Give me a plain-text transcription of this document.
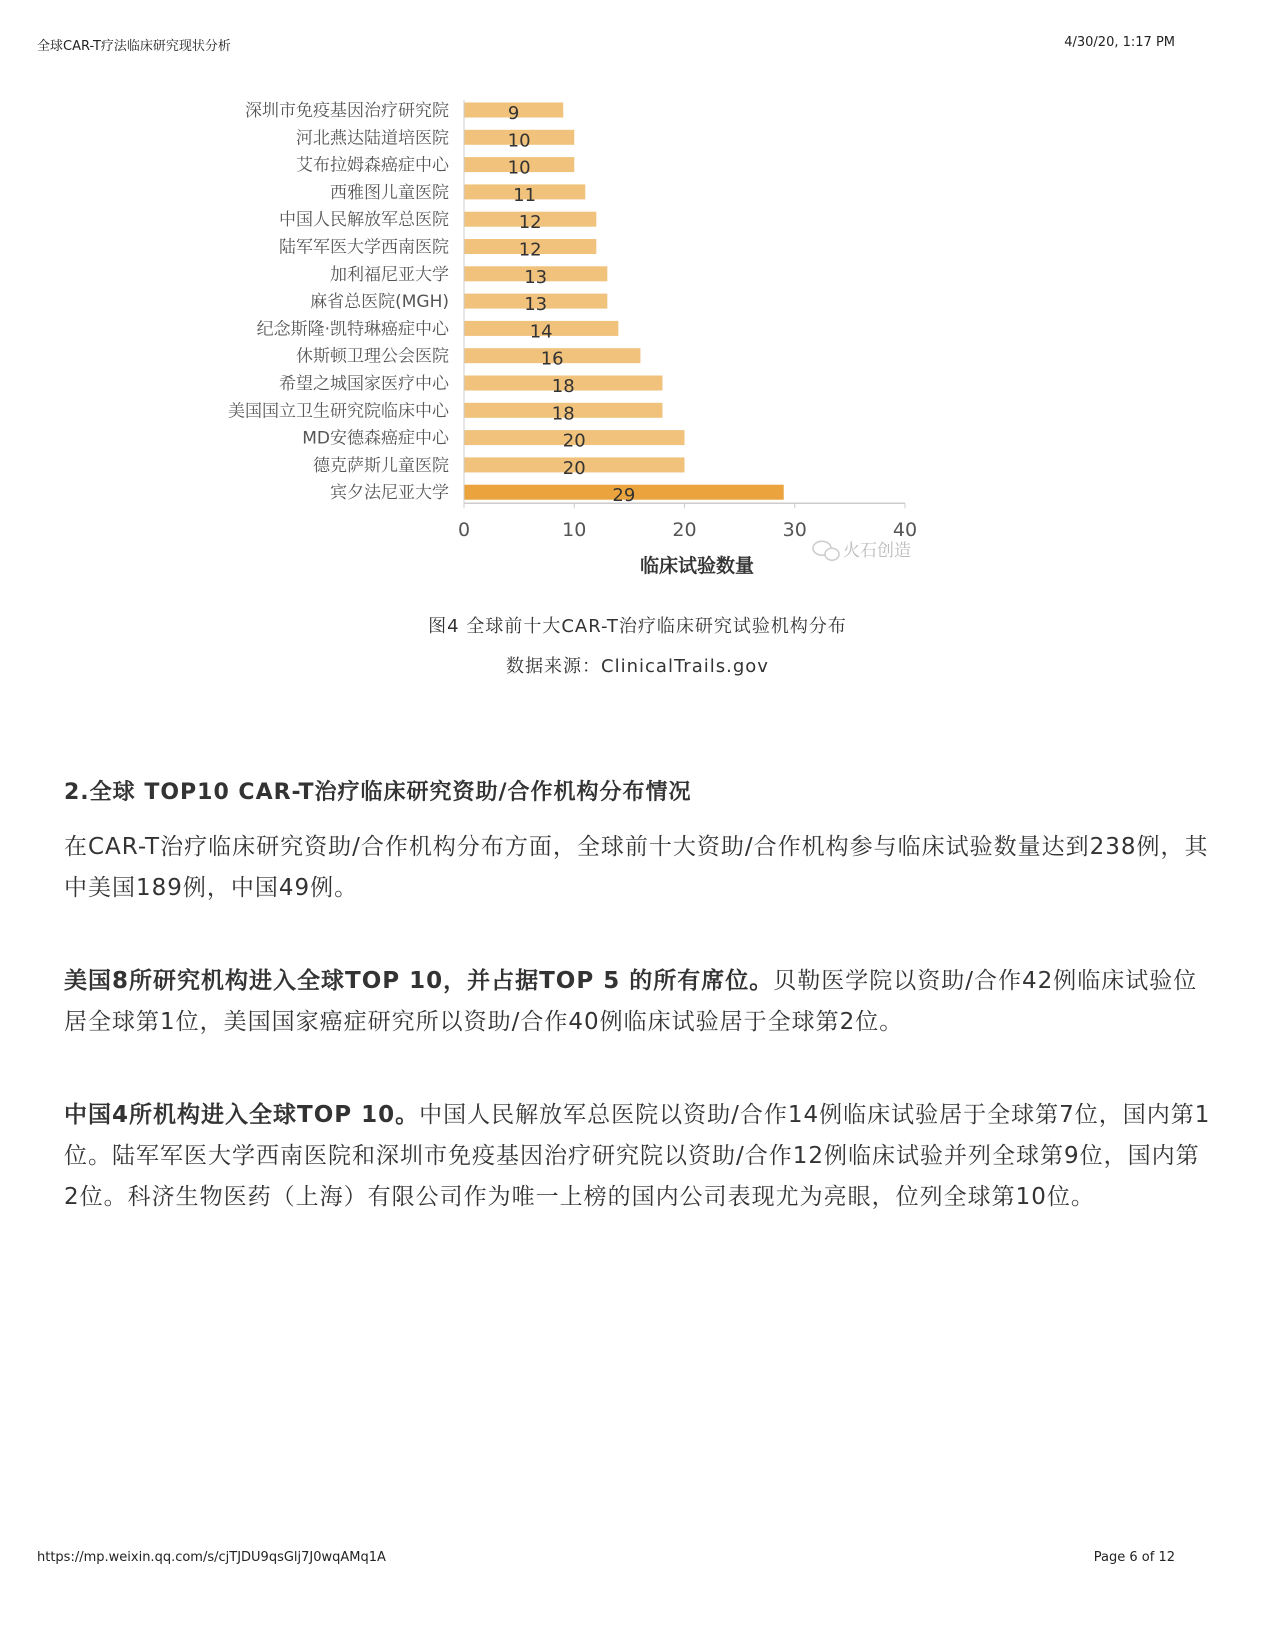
全球CAR-T疗法临床研究现状分析	4/30/20, 1:17 PM
深圳市免疫基因治疗研究院	9
河北燕达陆道培医院	10
艾布拉姆森癌症中心	10
西雅图儿童医院	11
中国人民解放军总医院	12
陆军军医大学西南医院	12
加利福尼亚大学	13
麻省总医院(MGH)	13
纪念斯隆·凯特琳癌症中心	14
休斯顿卫理公会医院	16
希望之城国家医疗中心	18
美国国立卫生研究院临床中心	18
MD安德森癌症中心	20
德克萨斯儿童医院	20
宾夕法尼亚大学	29
0	10	20	30	40
临床试验数量
火石创造
图4 全球前十大CAR-T治疗临床研究试验机构分布
数据来源：ClinicalTrails.gov
2.全球 TOP10 CAR-T治疗临床研究资助/合作机构分布情况

在CAR-T治疗临床研究资助/合作机构分布方面，全球前十大资助/合作机构参与临床试验数量达到238例，其中美国189例，中国49例。

美国8所研究机构进入全球TOP 10，并占据TOP 5 的所有席位。贝勒医学院以资助/合作42例临床试验位居全球第1位，美国国家癌症研究所以资助/合作40例临床试验居于全球第2位。

中国4所机构进入全球TOP 10。中国人民解放军总医院以资助/合作14例临床试验居于全球第7位，国内第1位。陆军军医大学西南医院和深圳市免疫基因治疗研究院以资助/合作12例临床试验并列全球第9位，国内第2位。科济生物医药（上海）有限公司作为唯一上榜的国内公司表现尤为亮眼，位列全球第10位。

https://mp.weixin.qq.com/s/cjTJDU9qsGlj7J0wqAMq1A	Page 6 of 12
